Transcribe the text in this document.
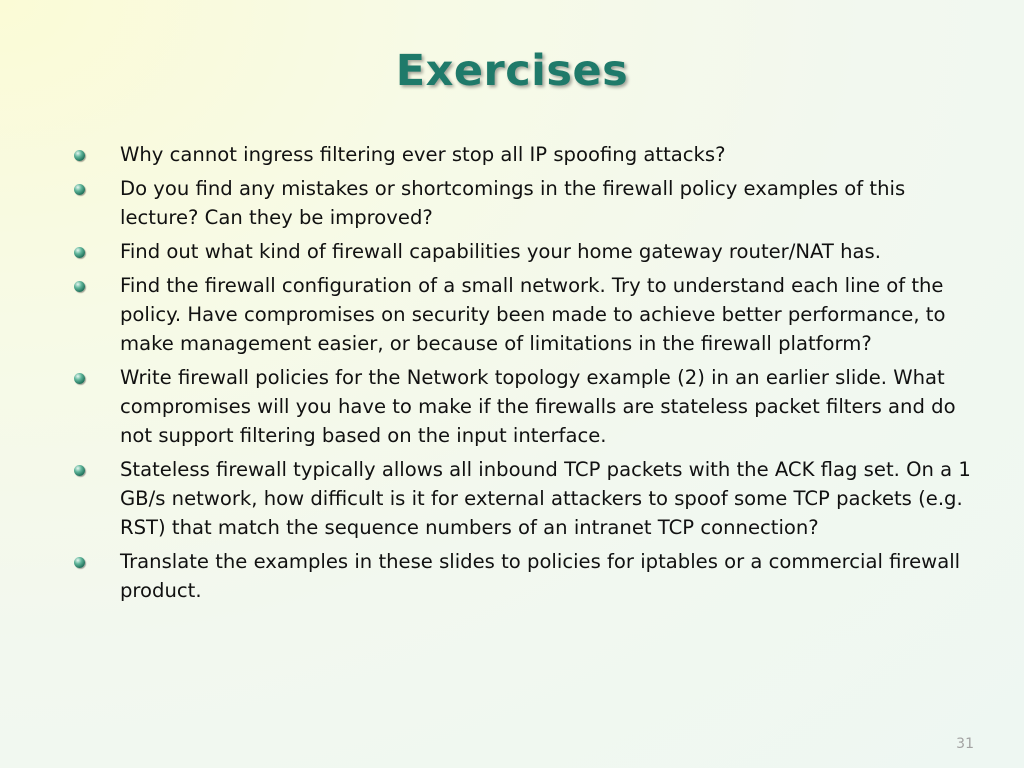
Exercises
Why cannot ingress filtering ever stop all IP spoofing attacks?
Do you find any mistakes or shortcomings in the firewall policy examples of this lecture? Can they be improved?
Find out what kind of firewall capabilities your home gateway router/NAT has.
Find the firewall configuration of a small network. Try to understand each line of the policy. Have compromises on security been made to achieve better performance, to make management easier, or because of limitations in the firewall platform?
Write firewall policies for the Network topology example (2) in an earlier slide. What compromises will you have to make if the firewalls are stateless packet filters and do not support filtering based on the input interface.
Stateless firewall typically allows all inbound TCP packets with the ACK flag set. On a 1 GB/s network, how difficult is it for external attackers to spoof some TCP packets (e.g. RST) that match the sequence numbers of an intranet TCP connection?
Translate the examples in these slides to policies for iptables or a commercial firewall product.
31
